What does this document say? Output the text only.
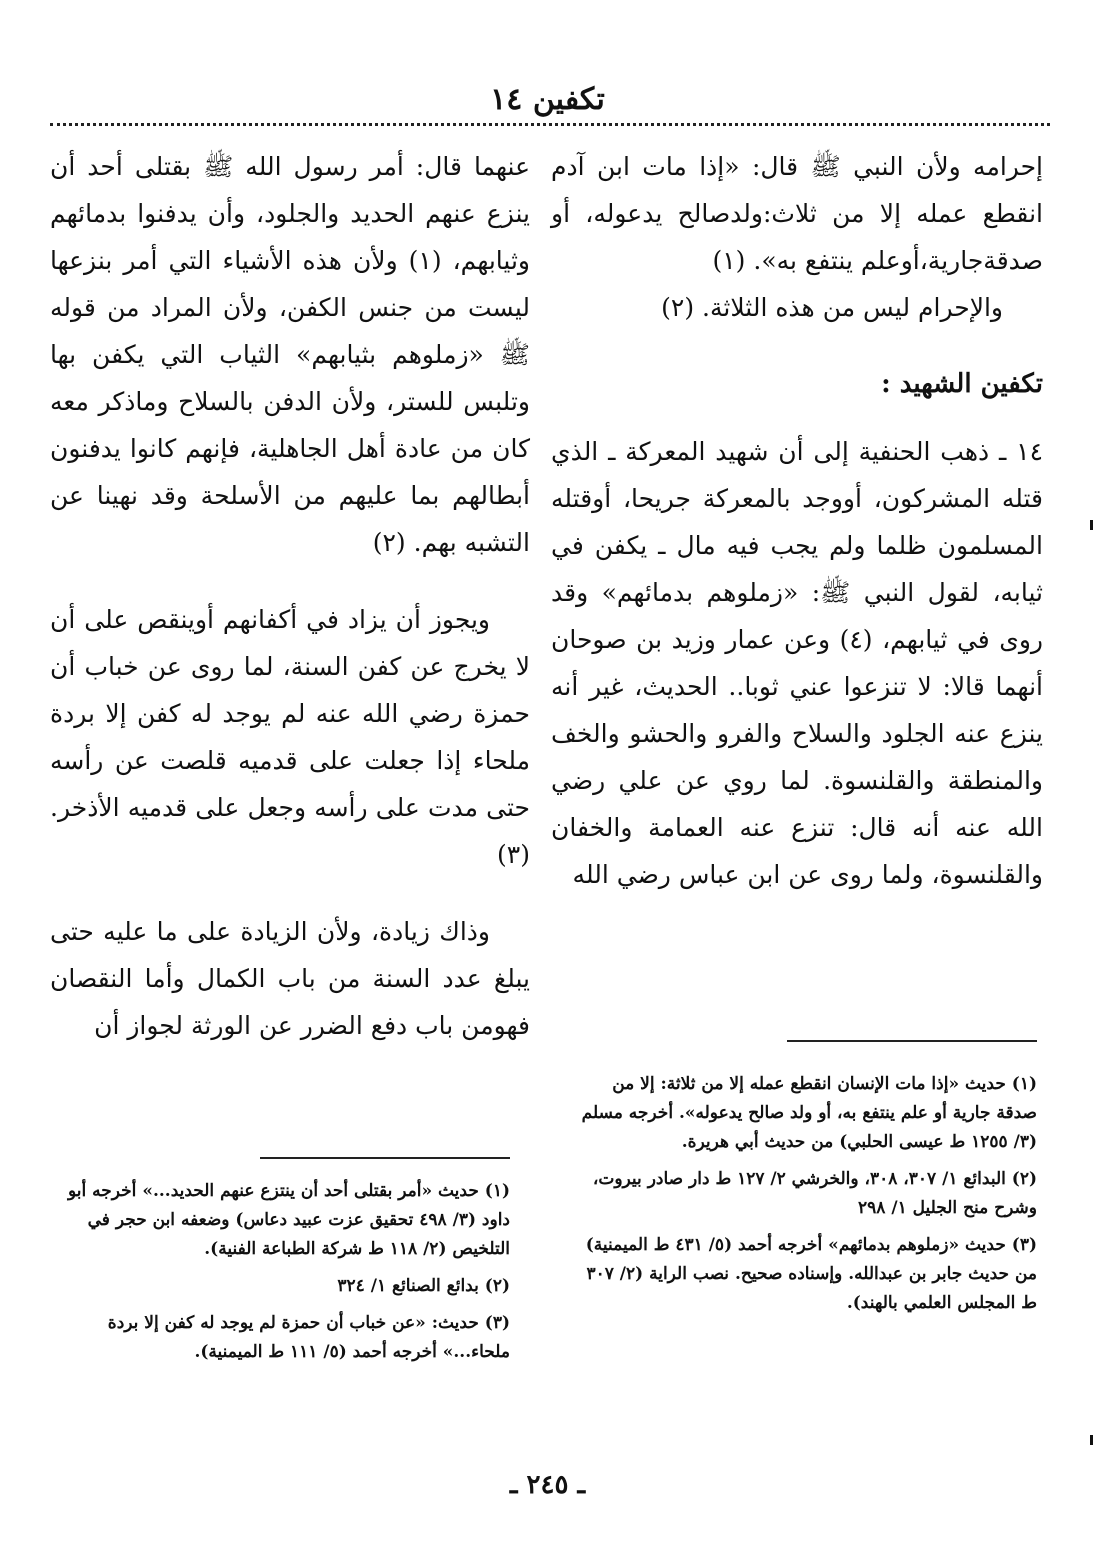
تكفين ١٤

إحرامه ولأن النبي ﷺ قال: «إذا مات ابن آدم انقطع عمله إلا من ثلاث:ولدصالح يدعوله، أو صدقةجارية،أوعلم ينتفع به». (١)

والإحرام ليس من هذه الثلاثة. (٢)

تكفين الشهيد :

١٤ ـ ذهب الحنفية إلى أن شهيد المعركة ـ الذي قتله المشركون، أووجد بالمعركة جريحا، أوقتله المسلمون ظلما ولم يجب فيه مال ـ يكفن في ثيابه، لقول النبي ﷺ: «زملوهم بدمائهم» وقد روى في ثيابهم، (٤) وعن عمار وزيد بن صوحان أنهما قالا: لا تنزعوا عني ثوبا.. الحديث، غير أنه ينزع عنه الجلود والسلاح والفرو والحشو والخف والمنطقة والقلنسوة. لما روي عن علي رضي الله عنه أنه قال: تنزع عنه العمامة والخفان والقلنسوة، ولما روى عن ابن عباس رضي الله

عنهما قال: أمر رسول الله ﷺ بقتلى أحد أن ينزع عنهم الحديد والجلود، وأن يدفنوا بدمائهم وثيابهم، (١) ولأن هذه الأشياء التي أمر بنزعها ليست من جنس الكفن، ولأن المراد من قوله ﷺ «زملوهم بثيابهم» الثياب التي يكفن بها وتلبس للستر، ولأن الدفن بالسلاح وماذكر معه كان من عادة أهل الجاهلية، فإنهم كانوا يدفنون أبطالهم بما عليهم من الأسلحة وقد نهينا عن التشبه بهم. (٢)

ويجوز أن يزاد في أكفانهم أوينقص على أن لا يخرج عن كفن السنة، لما روى عن خباب أن حمزة رضي الله عنه لم يوجد له كفن إلا بردة ملحاء إذا جعلت على قدميه قلصت عن رأسه حتى مدت على رأسه وجعل على قدميه الأذخر. (٣)

وذاك زيادة، ولأن الزيادة على ما عليه حتى يبلغ عدد السنة من باب الكمال وأما النقصان فهومن باب دفع الضرر عن الورثة لجواز أن

(١) حديث «إذا مات الإنسان انقطع عمله إلا من ثلاثة: إلا من صدقة جارية أو علم ينتفع به، أو ولد صالح يدعوله». أخرجه مسلم (٣/ ١٢٥٥ ط عيسى الحلبي) من حديث أبي هريرة.

(٢) البدائع ١/ ٣٠٧، ٣٠٨، والخرشي ٢/ ١٢٧ ط دار صادر بيروت، وشرح منح الجليل ١/ ٢٩٨

(٣) حديث «زملوهم بدمائهم» أخرجه أحمد (٥/ ٤٣١ ط الميمنية) من حديث جابر بن عبدالله. وإسناده صحيح. نصب الراية (٢/ ٣٠٧ ط المجلس العلمي بالهند).

(١) حديث «أمر بقتلى أحد أن ينتزع عنهم الحديد...» أخرجه أبو داود (٣/ ٤٩٨ تحقيق عزت عبيد دعاس) وضعفه ابن حجر في التلخيص (٢/ ١١٨ ط شركة الطباعة الفنية).

(٢) بدائع الصنائع ١/ ٣٢٤

(٣) حديث: «عن خباب أن حمزة لم يوجد له كفن إلا بردة ملحاء...» أخرجه أحمد (٥/ ١١١ ط الميمنية).

ـ ٢٤٥ ـ
